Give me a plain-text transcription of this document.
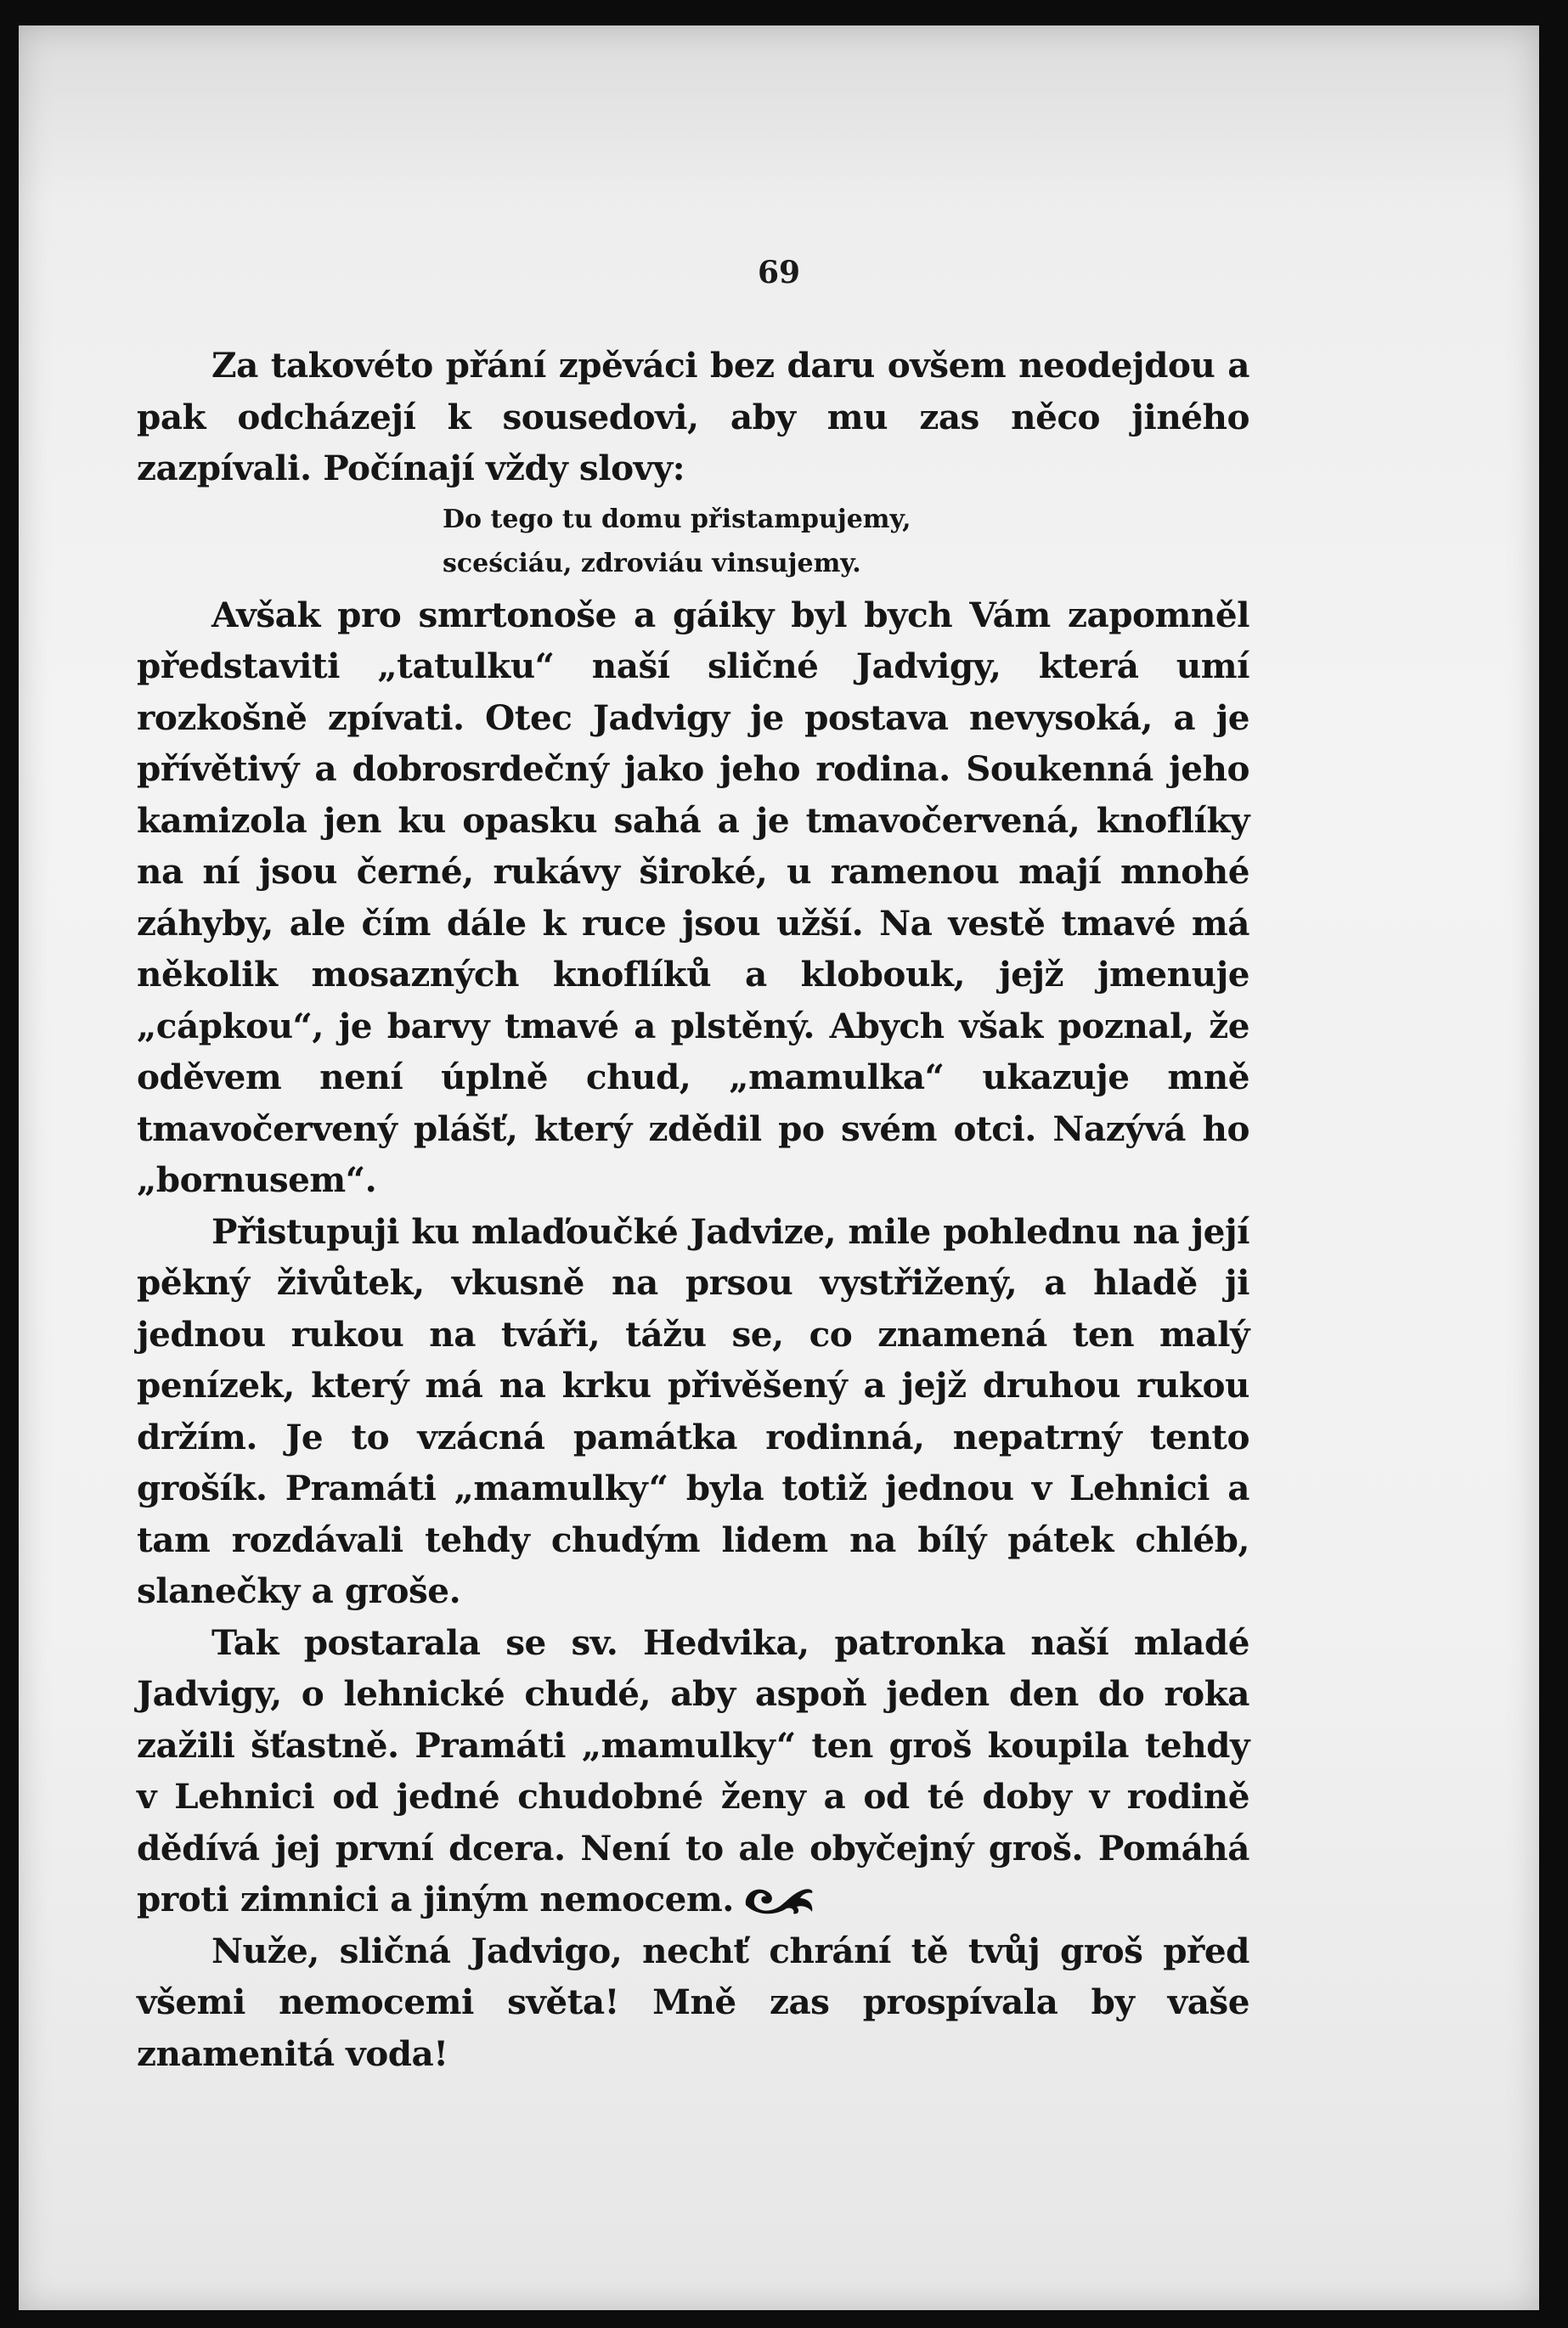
69

Za takovéto přání zpěváci bez daru ovšem neodejdou a pak odcházejí k sousedovi, aby mu zas něco jiného zazpívali. Počínají vždy slovy:

Do tego tu domu přistampujemy,
sceściáu, zdroviáu vinsujemy.

Avšak pro smrtonoše a gáiky byl bych Vám zapomněl představiti „tatulku“ naší sličné Jadvigy, která umí rozkošně zpívati. Otec Jadvigy je postava nevysoká, a je přívětivý a dobrosrdečný jako jeho rodina. Soukenná jeho kamizola jen ku opasku sahá a je tmavočervená, knoflíky na ní jsou černé, rukávy široké, u ramenou mají mnohé záhyby, ale čím dále k ruce jsou užší. Na vestě tmavé má několik mosazných knoflíků a klobouk, jejž jmenuje „cápkou“, je barvy tmavé a plstěný. Abych však poznal, že oděvem není úplně chud, „mamulka“ ukazuje mně tmavočervený plášť, který zdědil po svém otci. Nazývá ho „bornusem“.

Přistupuji ku mlaďoučké Jadvize, mile pohlednu na její pěkný živůtek, vkusně na prsou vystřižený, a hladě ji jednou rukou na tváři, tážu se, co znamená ten malý penízek, který má na krku přivěšený a jejž druhou rukou držím. Je to vzácná památka rodinná, nepatrný tento grošík. Pramáti „mamulky“ byla totiž jednou v Lehnici a tam rozdávali tehdy chudým lidem na bílý pátek chléb, slanečky a groše.

Tak postarala se sv. Hedvika, patronka naší mladé Jadvigy, o lehnické chudé, aby aspoň jeden den do roka zažili šťastně. Pramáti „mamulky“ ten groš koupila tehdy v Lehnici od jedné chudobné ženy a od té doby v rodině dědívá jej první dcera. Není to ale obyčejný groš. Pomáhá proti zimnici a jiným nemocem.

Nuže, sličná Jadvigo, nechť chrání tě tvůj groš před všemi nemocemi světa! Mně zas prospívala by vaše znamenitá voda!
